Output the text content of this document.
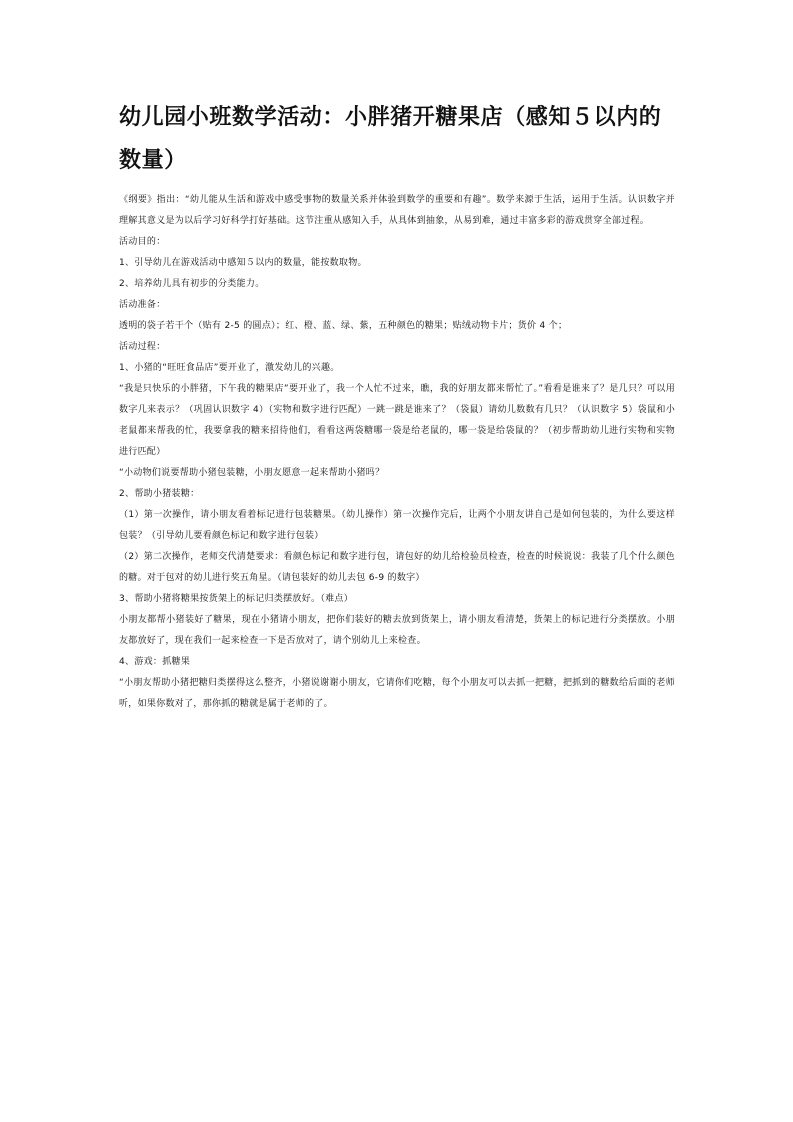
幼儿园小班数学活动：小胖猪开糖果店（感知５以内的数量）

《纲要》指出：“幼儿能从生活和游戏中感受事物的数量关系并体验到数学的重要和有趣”。数学来源于生活，运用于生活。认识数字并理解其意义是为以后学习好科学打好基础。这节注重从感知入手，从具体到抽象，从易到难，通过丰富多彩的游戏贯穿全部过程。

活动目的：

1、引导幼儿在游戏活动中感知５以内的数量，能按数取物。

2、培养幼儿具有初步的分类能力。

活动准备：

透明的袋子若干个（贴有 2-5 的圆点）；红、橙、蓝、绿、紫，五种颜色的糖果；贴绒动物卡片；货价 4 个；

活动过程：

1、小猪的“旺旺食品店”要开业了，激发幼儿的兴趣。

“我是只快乐的小胖猪，下午我的糖果店”要开业了，我一个人忙不过来，瞧，我的好朋友都来帮忙了。”看看是谁来了？是几只？可以用数字几来表示？（巩固认识数字 4）（实物和数字进行匹配）一跳一跳是谁来了？（袋鼠）请幼儿数数有几只？（认识数字 5）袋鼠和小老鼠都来帮我的忙，我要拿我的糖来招待他们，看看这两袋糖哪一袋是给老鼠的，哪一袋是给袋鼠的？（初步帮助幼儿进行实物和实物进行匹配）

“小动物们说要帮助小猪包装糖，小朋友愿意一起来帮助小猪吗？

2、帮助小猪装糖：

（1）第一次操作，请小朋友看着标记进行包装糖果。（幼儿操作）第一次操作完后，让两个小朋友讲自己是如何包装的，为什么要这样包装？（引导幼儿要看颜色标记和数字进行包装）

（2）第二次操作，老师交代清楚要求：看颜色标记和数字进行包，请包好的幼儿给检验员检查，检查的时候说说：我装了几个什么颜色的糖。对于包对的幼儿进行奖五角星。（请包装好的幼儿去包 6-9 的数字）

3、帮助小猪将糖果按货架上的标记归类摆放好。（难点）

小朋友都帮小猪装好了糖果，现在小猪请小朋友，把你们装好的糖去放到货架上，请小朋友看清楚，货架上的标记进行分类摆放。小朋友都放好了，现在我们一起来检查一下是否放对了，请个别幼儿上来检查。

4、游戏：抓糖果

“小朋友帮助小猪把糖归类摆得这么整齐，小猪说谢谢小朋友，它请你们吃糖，每个小朋友可以去抓一把糖，把抓到的糖数给后面的老师听，如果你数对了，那你抓的糖就是属于老师的了。
